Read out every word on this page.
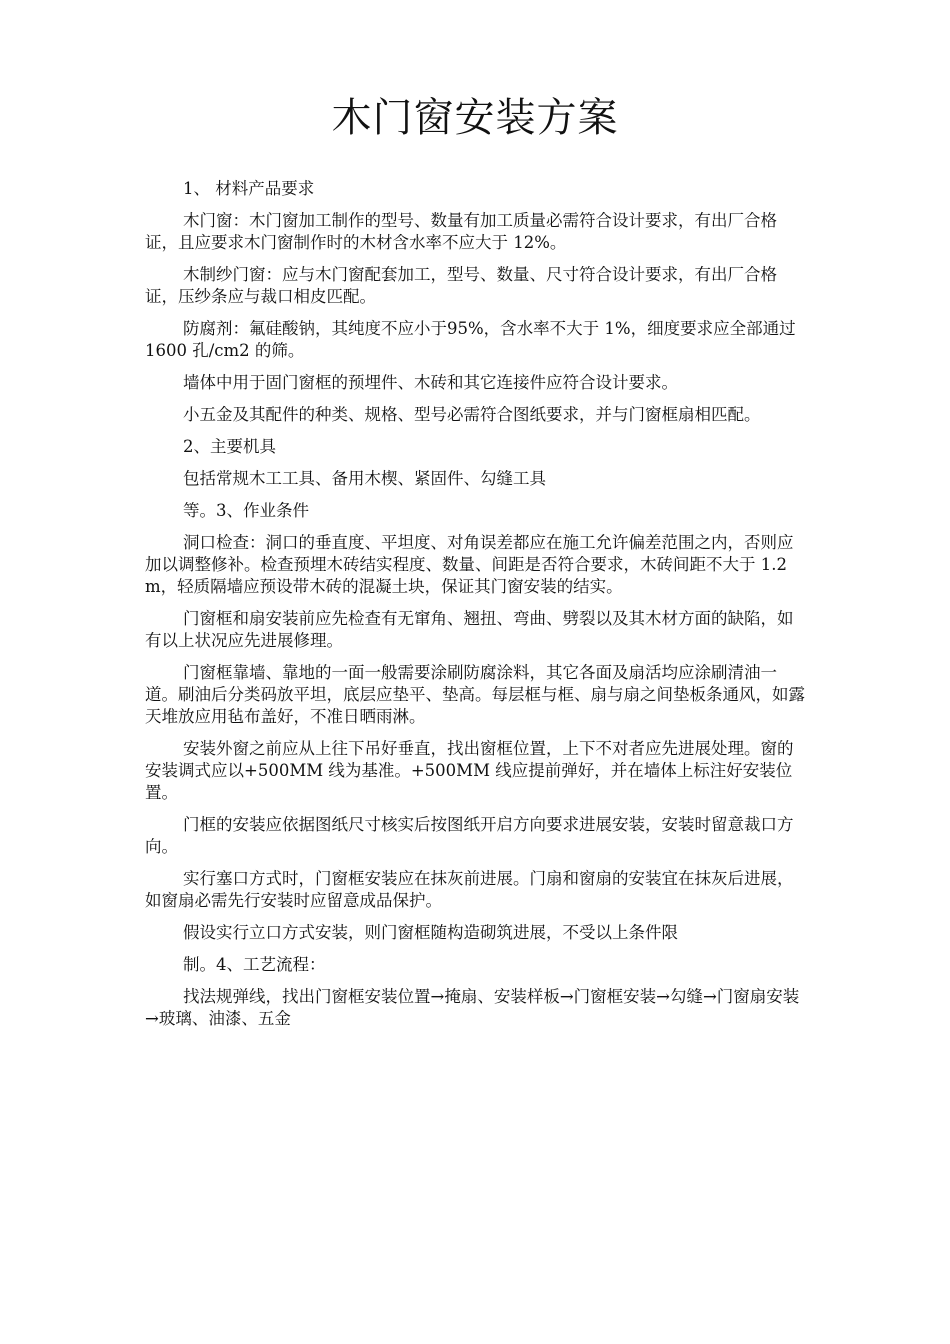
木门窗安装方案

1、 材料产品要求

木门窗：木门窗加工制作的型号、数量有加工质量必需符合设计要求，有出厂合格证，且应要求木门窗制作时的木材含水率不应大于 12%。

木制纱门窗：应与木门窗配套加工，型号、数量、尺寸符合设计要求，有出厂合格证，压纱条应与裁口相皮匹配。

防腐剂：氟硅酸钠，其纯度不应小于95%，含水率不大于 1%，细度要求应全部通过 1600 孔/cm2 的筛。

墙体中用于固门窗框的预埋件、木砖和其它连接件应符合设计要求。

小五金及其配件的种类、规格、型号必需符合图纸要求，并与门窗框扇相匹配。

2、主要机具

包括常规木工工具、备用木楔、紧固件、勾缝工具

等。3、作业条件

洞口检查：洞口的垂直度、平坦度、对角误差都应在施工允许偏差范围之内，否则应加以调整修补。检查预埋木砖结实程度、数量、间距是否符合要求，木砖间距不大于 1.2m，轻质隔墙应预设带木砖的混凝土块，保证其门窗安装的结实。

门窗框和扇安装前应先检查有无窜角、翘扭、弯曲、劈裂以及其木材方面的缺陷，如有以上状况应先进展修理。

门窗框靠墙、靠地的一面一般需要涂刷防腐涂料，其它各面及扇活均应涂刷清油一道。刷油后分类码放平坦，底层应垫平、垫高。每层框与框、扇与扇之间垫板条通风，如露天堆放应用毡布盖好，不准日晒雨淋。

安装外窗之前应从上往下吊好垂直，找出窗框位置，上下不对者应先进展处理。窗的安装调式应以+500MM 线为基准。+500MM 线应提前弹好，并在墙体上标注好安装位置。

门框的安装应依据图纸尺寸核实后按图纸开启方向要求进展安装，安装时留意裁口方向。

实行塞口方式时，门窗框安装应在抹灰前进展。门扇和窗扇的安装宜在抹灰后进展，如窗扇必需先行安装时应留意成品保护。

假设实行立口方式安装，则门窗框随构造砌筑进展，不受以上条件限

制。4、工艺流程：

找法规弹线，找出门窗框安装位置→掩扇、安装样板→门窗框安装→勾缝→门窗扇安装→玻璃、油漆、五金
